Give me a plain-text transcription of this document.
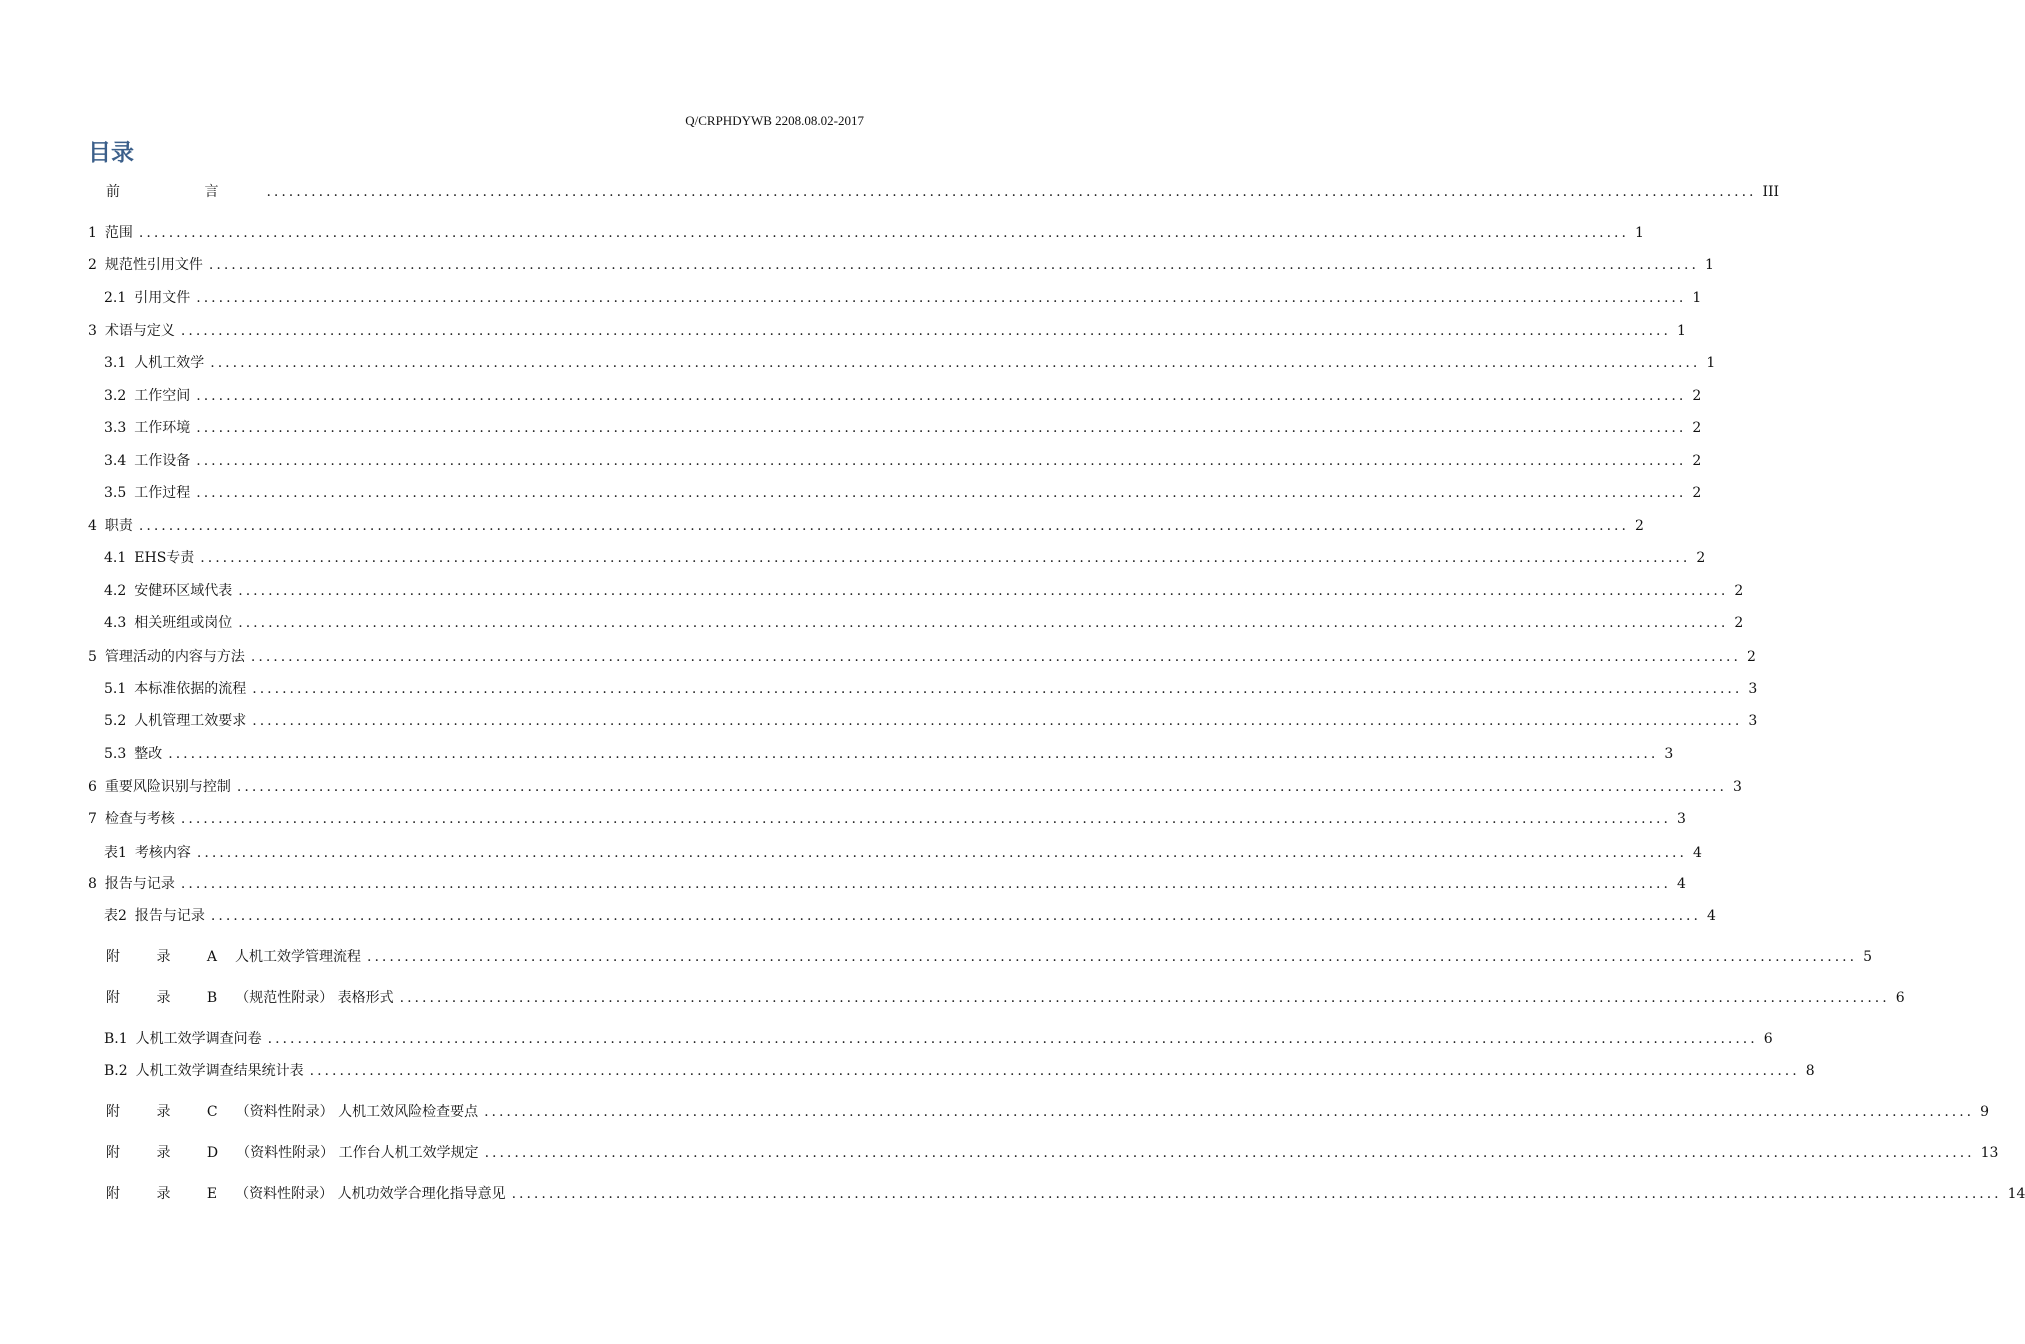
Q/CRPHDYWB 2208.08.02-2017
目录
前 言 ........................................................................................................................................................................................................ III
1 范围 ........................................................................................................................................................................................................ 1
2 规范性引用文件 ........................................................................................................................................................................................................ 1
2.1 引用文件 ........................................................................................................................................................................................................ 1
3 术语与定义 ........................................................................................................................................................................................................ 1
3.1 人机工效学 ........................................................................................................................................................................................................ 1
3.2 工作空间 ........................................................................................................................................................................................................ 2
3.3 工作环境 ........................................................................................................................................................................................................ 2
3.4 工作设备 ........................................................................................................................................................................................................ 2
3.5 工作过程 ........................................................................................................................................................................................................ 2
4 职责 ........................................................................................................................................................................................................ 2
4.1 EHS专责 ........................................................................................................................................................................................................ 2
4.2 安健环区域代表 ........................................................................................................................................................................................................ 2
4.3 相关班组或岗位 ........................................................................................................................................................................................................ 2
5 管理活动的内容与方法 ........................................................................................................................................................................................................ 2
5.1 本标准依据的流程 ........................................................................................................................................................................................................ 3
5.2 人机管理工效要求 ........................................................................................................................................................................................................ 3
5.3 整改 ........................................................................................................................................................................................................ 3
6 重要风险识别与控制 ........................................................................................................................................................................................................ 3
7 检查与考核 ........................................................................................................................................................................................................ 3
表1 考核内容 ........................................................................................................................................................................................................ 4
8 报告与记录 ........................................................................................................................................................................................................ 4
表2 报告与记录 ........................................................................................................................................................................................................ 4
附 录 A 人机工效学管理流程 ........................................................................................................................................................................................................ 5
附 录 B （规范性附录） 表格形式 ........................................................................................................................................................................................................ 6
B.1 人机工效学调查问卷 ........................................................................................................................................................................................................ 6
B.2 人机工效学调查结果统计表 ........................................................................................................................................................................................................ 8
附 录 C （资料性附录） 人机工效风险检查要点 ........................................................................................................................................................................................................ 9
附 录 D （资料性附录） 工作台人机工效学规定 ........................................................................................................................................................................................................ 13
附 录 E （资料性附录） 人机功效学合理化指导意见 ........................................................................................................................................................................................................ 14
